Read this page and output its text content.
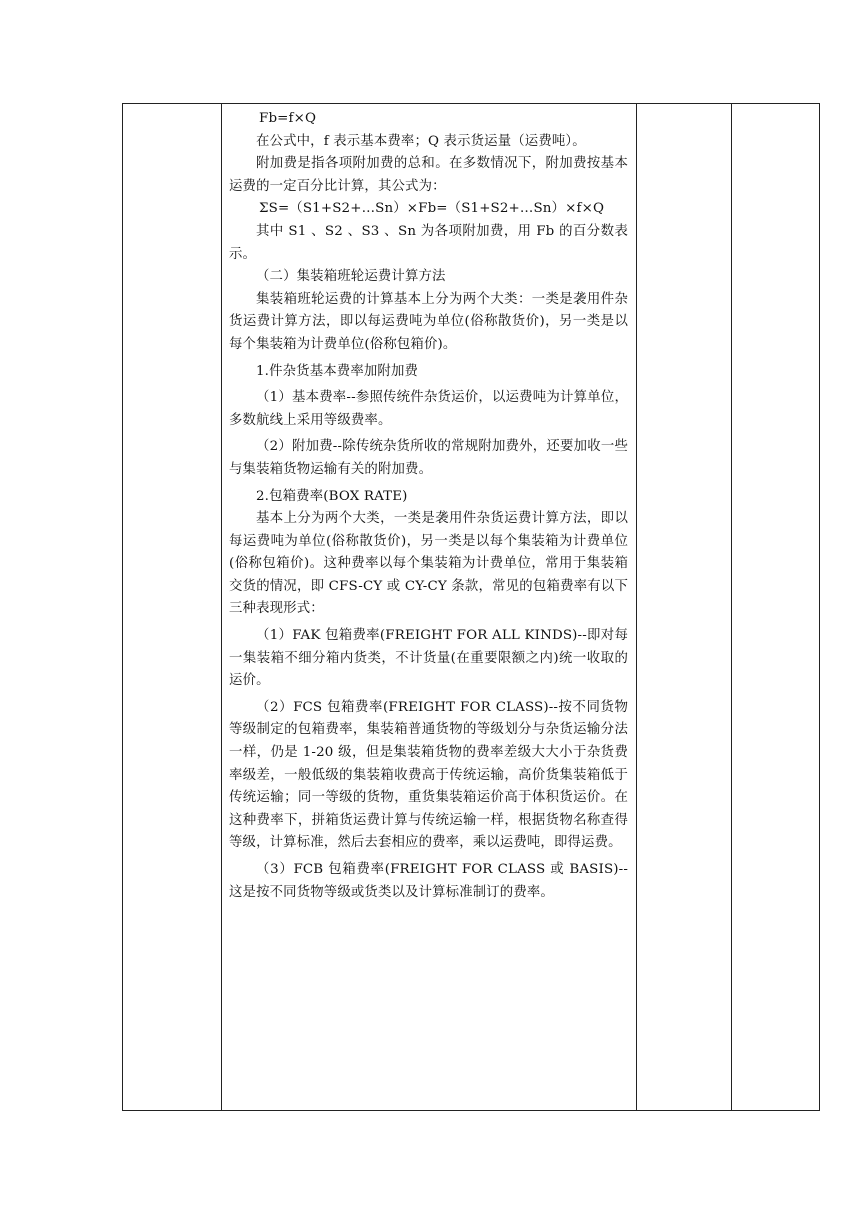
Fb=f×Q

在公式中，f 表示基本费率；Q 表示货运量（运费吨）。

附加费是指各项附加费的总和。在多数情况下，附加费按基本运费的一定百分比计算，其公式为：

ΣS=（S1+S2+…Sn）×Fb=（S1+S2+…Sn）×f×Q

其中 S1 、S2 、S3 、Sn 为各项附加费，用 Fb 的百分数表示。

（二）集装箱班轮运费计算方法

集装箱班轮运费的计算基本上分为两个大类：一类是袭用件杂货运费计算方法，即以每运费吨为单位(俗称散货价)，另一类是以每个集装箱为计费单位(俗称包箱价)。

1.件杂货基本费率加附加费

（1）基本费率--参照传统件杂货运价，以运费吨为计算单位，多数航线上采用等级费率。

（2）附加费--除传统杂货所收的常规附加费外，还要加收一些与集装箱货物运输有关的附加费。

2.包箱费率(BOX RATE)

基本上分为两个大类，一类是袭用件杂货运费计算方法，即以每运费吨为单位(俗称散货价)，另一类是以每个集装箱为计费单位(俗称包箱价)。这种费率以每个集装箱为计费单位，常用于集装箱交货的情况，即 CFS-CY 或 CY-CY 条款，常见的包箱费率有以下三种表现形式：

（1）FAK 包箱费率(FREIGHT FOR ALL KINDS)--即对每一集装箱不细分箱内货类，不计货量(在重要限额之内)统一收取的运价。

（2）FCS 包箱费率(FREIGHT FOR CLASS)--按不同货物等级制定的包箱费率，集装箱普通货物的等级划分与杂货运输分法一样，仍是 1-20 级，但是集装箱货物的费率差级大大小于杂货费率级差，一般低级的集装箱收费高于传统运输，高价货集装箱低于传统运输；同一等级的货物，重货集装箱运价高于体积货运价。在这种费率下，拼箱货运费计算与传统运输一样，根据货物名称查得等级，计算标准，然后去套相应的费率，乘以运费吨，即得运费。

（3）FCB 包箱费率(FREIGHT FOR CLASS 或 BASIS)--这是按不同货物等级或货类以及计算标准制订的费率。
